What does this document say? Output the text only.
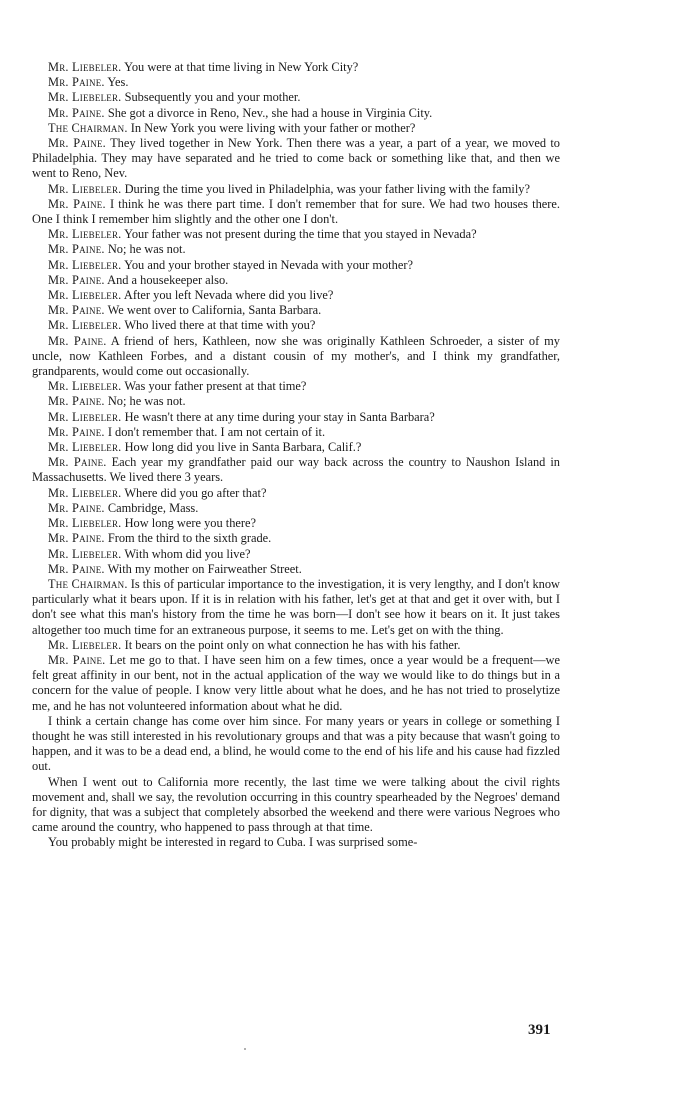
Mr. Liebeler. You were at that time living in New York City?

Mr. Paine. Yes.

Mr. Liebeler. Subsequently you and your mother.

Mr. Paine. She got a divorce in Reno, Nev., she had a house in Virginia City.

The Chairman. In New York you were living with your father or mother?

Mr. Paine. They lived together in New York. Then there was a year, a part of a year, we moved to Philadelphia. They may have separated and he tried to come back or something like that, and then we went to Reno, Nev.

Mr. Liebeler. During the time you lived in Philadelphia, was your father living with the family?

Mr. Paine. I think he was there part time. I don't remember that for sure. We had two houses there. One I think I remember him slightly and the other one I don't.

Mr. Liebeler. Your father was not present during the time that you stayed in Nevada?

Mr. Paine. No; he was not.

Mr. Liebeler. You and your brother stayed in Nevada with your mother?

Mr. Paine. And a housekeeper also.

Mr. Liebeler. After you left Nevada where did you live?

Mr. Paine. We went over to California, Santa Barbara.

Mr. Liebeler. Who lived there at that time with you?

Mr. Paine. A friend of hers, Kathleen, now she was originally Kathleen Schroeder, a sister of my uncle, now Kathleen Forbes, and a distant cousin of my mother's, and I think my grandfather, grandparents, would come out occasionally.

Mr. Liebeler. Was your father present at that time?

Mr. Paine. No; he was not.

Mr. Liebeler. He wasn't there at any time during your stay in Santa Barbara?

Mr. Paine. I don't remember that. I am not certain of it.

Mr. Liebeler. How long did you live in Santa Barbara, Calif.?

Mr. Paine. Each year my grandfather paid our way back across the country to Naushon Island in Massachusetts. We lived there 3 years.

Mr. Liebeler. Where did you go after that?

Mr. Paine. Cambridge, Mass.

Mr. Liebeler. How long were you there?

Mr. Paine. From the third to the sixth grade.

Mr. Liebeler. With whom did you live?

Mr. Paine. With my mother on Fairweather Street.

The Chairman. Is this of particular importance to the investigation, it is very lengthy, and I don't know particularly what it bears upon. If it is in relation with his father, let's get at that and get it over with, but I don't see what this man's history from the time he was born—I don't see how it bears on it. It just takes altogether too much time for an extraneous purpose, it seems to me. Let's get on with the thing.

Mr. Liebeler. It bears on the point only on what connection he has with his father.

Mr. Paine. Let me go to that. I have seen him on a few times, once a year would be a frequent—we felt great affinity in our bent, not in the actual application of the way we would like to do things but in a concern for the value of people. I know very little about what he does, and he has not tried to proselytize me, and he has not volunteered information about what he did.

I think a certain change has come over him since. For many years or years in college or something I thought he was still interested in his revolutionary groups and that was a pity because that wasn't going to happen, and it was to be a dead end, a blind, he would come to the end of his life and his cause had fizzled out.

When I went out to California more recently, the last time we were talking about the civil rights movement and, shall we say, the revolution occurring in this country spearheaded by the Negroes' demand for dignity, that was a subject that completely absorbed the weekend and there were various Negroes who came around the country, who happened to pass through at that time.

You probably might be interested in regard to Cuba. I was surprised some-

391
